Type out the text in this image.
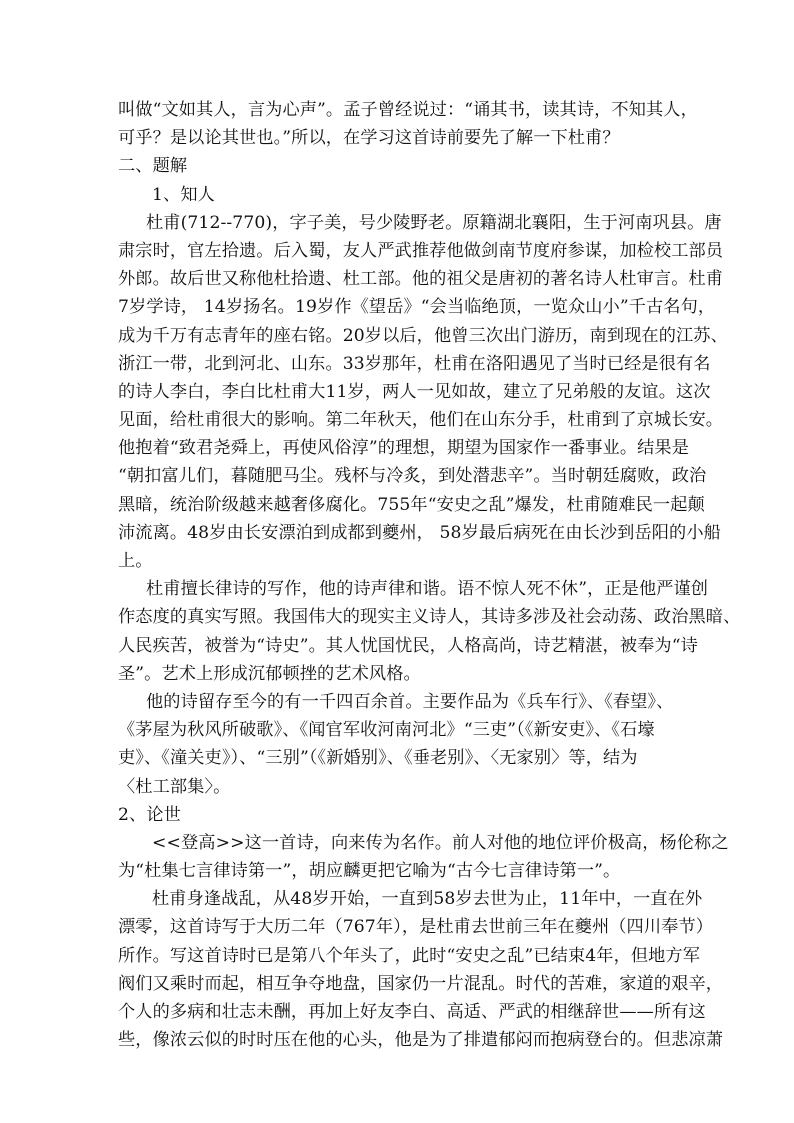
叫做“文如其人，言为心声”。孟子曾经说过：“诵其书，读其诗，不知其人，
可乎？是以论其世也。”所以，在学习这首诗前要先了解一下杜甫？
二、题解
1、知人
杜甫(712--770)，字子美，号少陵野老。原籍湖北襄阳，生于河南巩县。唐
肃宗时，官左拾遗。后入蜀，友人严武推荐他做剑南节度府参谋，加检校工部员
外郎。故后世又称他杜拾遗、杜工部。他的祖父是唐初的著名诗人杜审言。杜甫
7岁学诗， 14岁扬名。19岁作《望岳》“会当临绝顶，一览众山小”千古名句，
成为千万有志青年的座右铭。20岁以后，他曾三次出门游历，南到现在的江苏、
浙江一带，北到河北、山东。33岁那年，杜甫在洛阳遇见了当时已经是很有名
的诗人李白，李白比杜甫大11岁，两人一见如故，建立了兄弟般的友谊。这次
见面，给杜甫很大的影响。第二年秋天，他们在山东分手，杜甫到了京城长安。
他抱着“致君尧舜上，再使风俗淳”的理想，期望为国家作一番事业。结果是
“朝扣富儿们，暮随肥马尘。残杯与冷炙，到处潜悲辛”。当时朝廷腐败，政治
黑暗，统治阶级越来越奢侈腐化。755年“安史之乱”爆发，杜甫随难民一起颠
沛流离。48岁由长安漂泊到成都到夔州， 58岁最后病死在由长沙到岳阳的小船
上。
杜甫擅长律诗的写作，他的诗声律和谐。语不惊人死不休”，正是他严谨创
作态度的真实写照。我国伟大的现实主义诗人，其诗多涉及社会动荡、政治黑暗、
人民疾苦，被誉为“诗史”。其人忧国忧民，人格高尚，诗艺精湛，被奉为“诗
圣”。艺术上形成沉郁顿挫的艺术风格。
他的诗留存至今的有一千四百余首。主要作品为《兵车行》、《春望》、
《茅屋为秋风所破歌》、《闻官军收河南河北》“三吏”（《新安吏》、《石壕
吏》、《潼关吏》）、“三别”（《新婚别》、《垂老别》、〈无家别〉等，结为
〈杜工部集〉。
2、论世
<<登高>>这一首诗，向来传为名作。前人对他的地位评价极高，杨伦称之
为“杜集七言律诗第一”，胡应麟更把它喻为“古今七言律诗第一”。
杜甫身逢战乱，从48岁开始，一直到58岁去世为止，11年中，一直在外
漂零，这首诗写于大历二年（767年），是杜甫去世前三年在夔州（四川奉节）
所作。写这首诗时已是第八个年头了，此时“安史之乱”已结束4年，但地方军
阀们又乘时而起，相互争夺地盘，国家仍一片混乱。时代的苦难，家道的艰辛，
个人的多病和壮志未酬，再加上好友李白、高适、严武的相继辞世——所有这
些，像浓云似的时时压在他的心头，他是为了排遣郁闷而抱病登台的。但悲凉萧
